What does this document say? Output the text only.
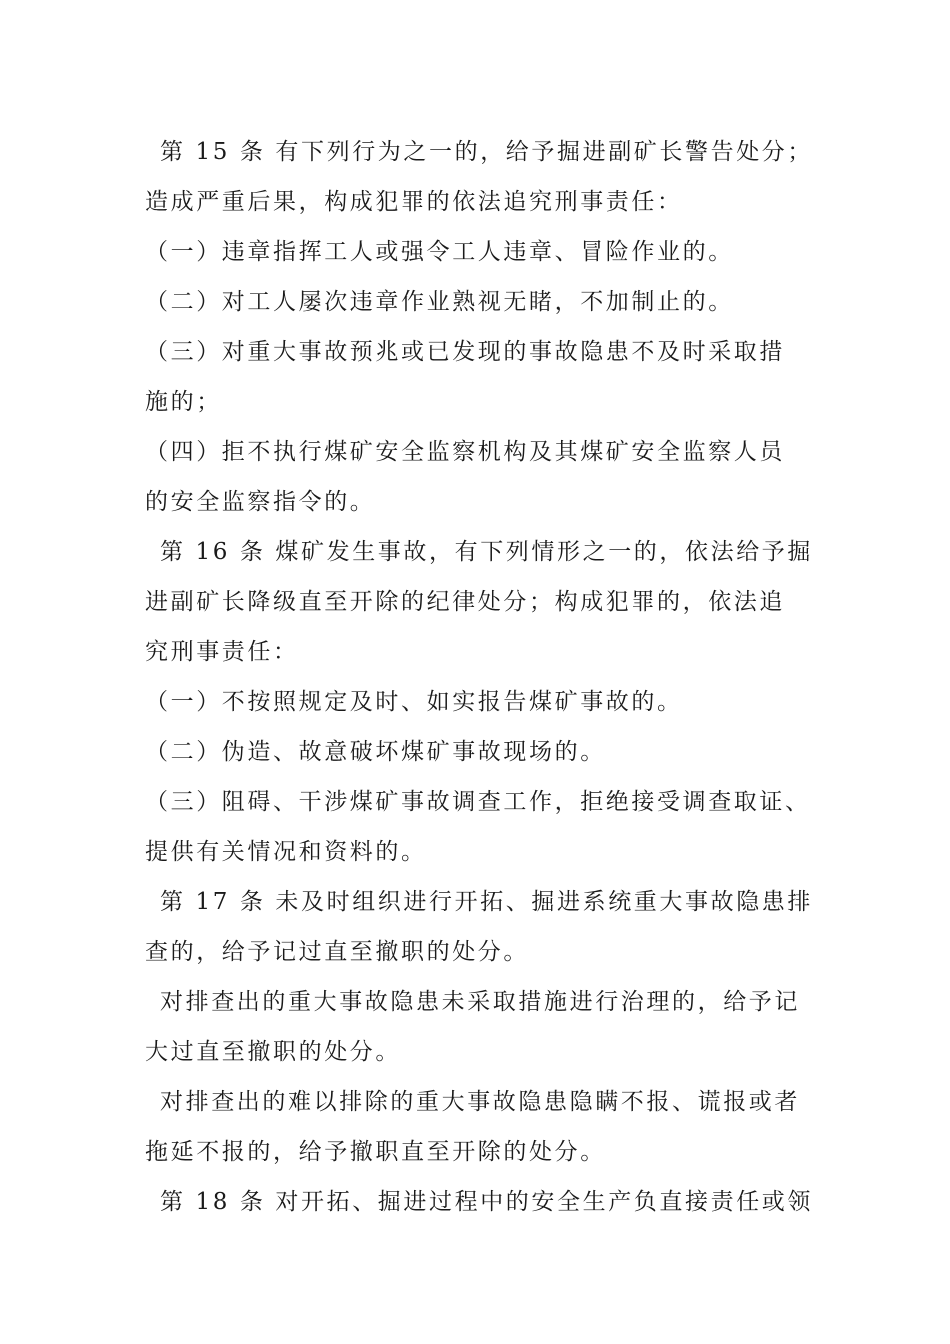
第 15 条 有下列行为之一的，给予掘进副矿长警告处分；
造成严重后果，构成犯罪的依法追究刑事责任：
（一）违章指挥工人或强令工人违章、冒险作业的。
（二）对工人屡次违章作业熟视无睹，不加制止的。
（三）对重大事故预兆或已发现的事故隐患不及时采取措
施的；
（四）拒不执行煤矿安全监察机构及其煤矿安全监察人员
的安全监察指令的。
第 16 条 煤矿发生事故，有下列情形之一的，依法给予掘
进副矿长降级直至开除的纪律处分；构成犯罪的，依法追
究刑事责任：
（一）不按照规定及时、如实报告煤矿事故的。
（二）伪造、故意破坏煤矿事故现场的。
（三）阻碍、干涉煤矿事故调查工作，拒绝接受调查取证、
提供有关情况和资料的。
第 17 条 未及时组织进行开拓、掘进系统重大事故隐患排
查的，给予记过直至撤职的处分。
对排查出的重大事故隐患未采取措施进行治理的，给予记
大过直至撤职的处分。
对排查出的难以排除的重大事故隐患隐瞒不报、谎报或者
拖延不报的，给予撤职直至开除的处分。
第 18 条 对开拓、掘进过程中的安全生产负直接责任或领
